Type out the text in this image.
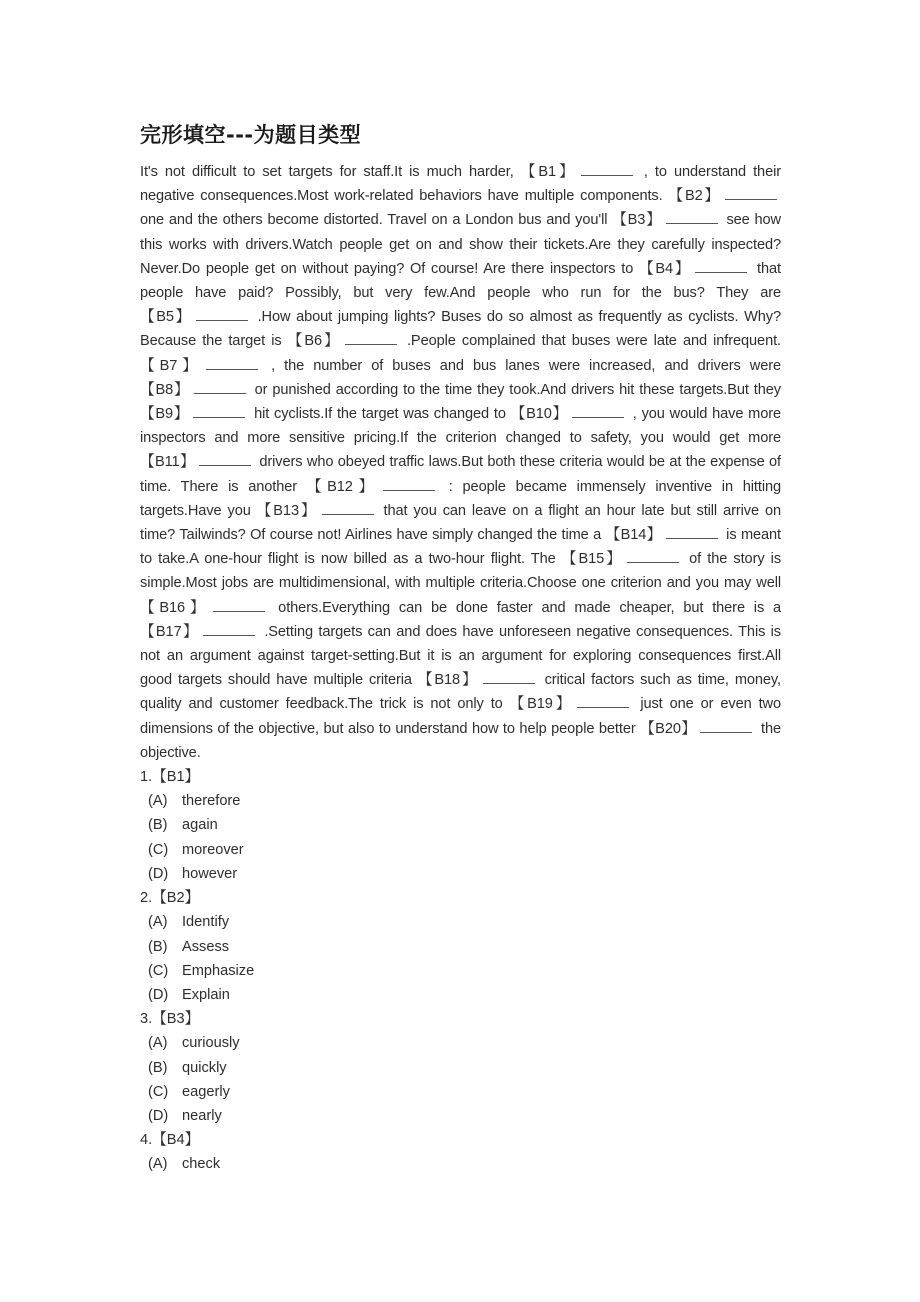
完形填空---为题目类型

It's not difficult to set targets for staff.It is much harder, 【B1】	, to understand their negative consequences.Most work-related behaviors have multiple components. 【B2】 one and the others become distorted. Travel on a London bus and you'll 【B3】	see how this works with drivers.Watch people get on and show their tickets.Are they carefully inspected? Never.Do people get on without paying? Of course! Are there inspectors to 【B4】	that people have paid? Possibly, but very few.And people who run for the bus? They are 【B5】	.How about jumping lights? Buses do so almost as frequently as cyclists. Why? Because the target is 【B6】	.People complained that buses were late and infrequent.【B7】	, the number of buses and bus lanes were increased, and drivers were 【B8】	or punished according to the time they took.And drivers hit these targets.But they 【B9】	hit cyclists.If the target was changed to 【B10】	, you would have more inspectors and more sensitive pricing.If the criterion changed to safety, you would get more 【B11】	drivers who obeyed traffic laws.But both these criteria would be at the expense of time. There is another 【B12】	: people became immensely inventive in hitting targets.Have you 【B13】	that you can leave on a flight an hour late but still arrive on time? Tailwinds? Of course not! Airlines have simply changed the time a 【B14】	is meant to take.A one-hour flight is now billed as a two-hour flight. The 【B15】	of the story is simple.Most jobs are multidimensional, with multiple criteria.Choose one criterion and you may well 【B16】	others.Everything can be done faster and made cheaper, but there is a 【B17】	.Setting targets can and does have unforeseen negative consequences. This is not an argument against target-setting.But it is an argument for exploring consequences first.All good targets should have multiple criteria 【B18】	critical factors such as time, money, quality and customer feedback.The trick is not only to 【B19】	just one or even two dimensions of the objective, but also to understand how to help people better 【B20】	the objective.

1.【B1】
(A) therefore
(B) again
(C) moreover
(D) however
2.【B2】
(A) Identify
(B) Assess
(C) Emphasize
(D) Explain
3.【B3】
(A) curiously
(B) quickly
(C) eagerly
(D) nearly
4.【B4】
(A) check
